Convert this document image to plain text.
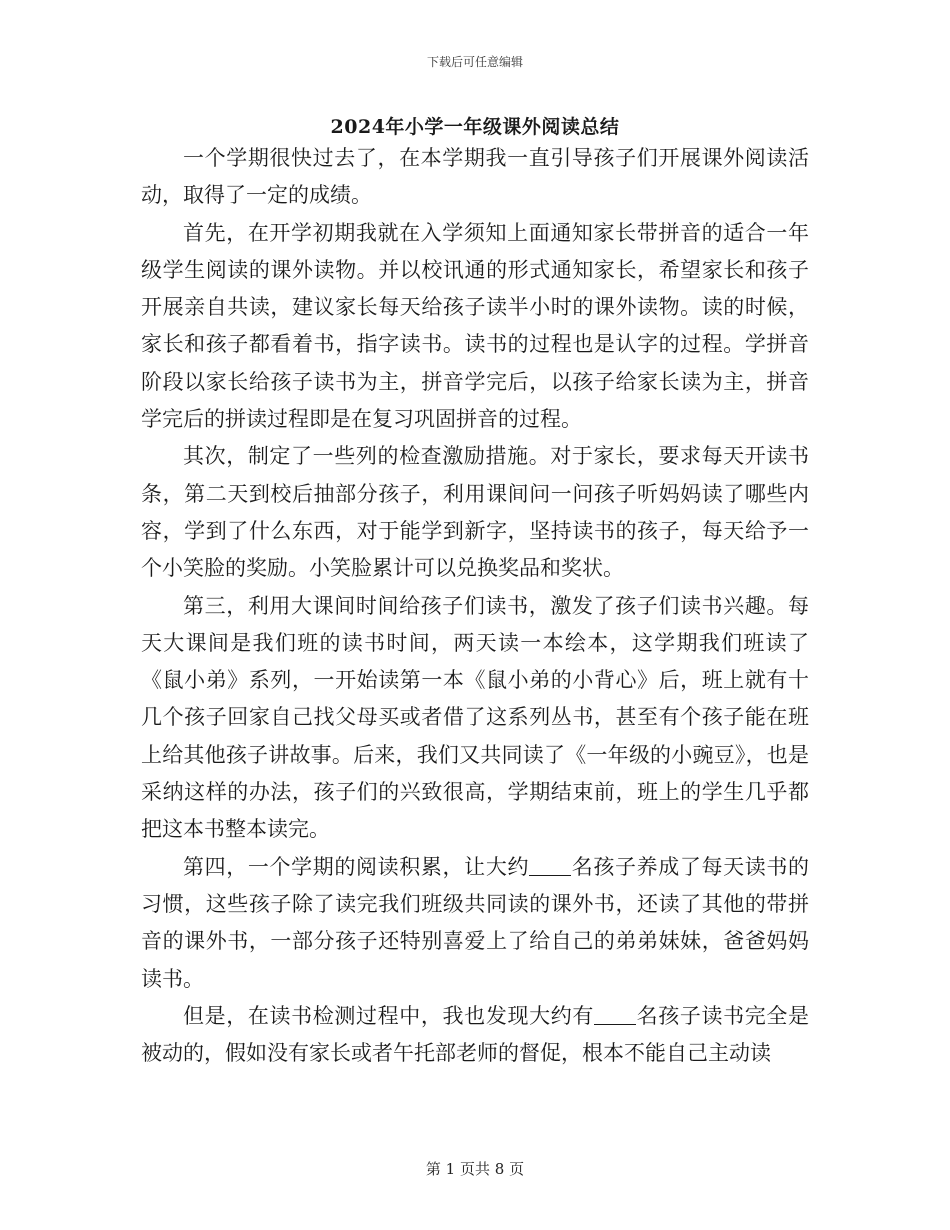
下载后可任意编辑
2024年小学一年级课外阅读总结

一个学期很快过去了，在本学期我一直引导孩子们开展课外阅读活动，取得了一定的成绩。

首先，在开学初期我就在入学须知上面通知家长带拼音的适合一年级学生阅读的课外读物。并以校讯通的形式通知家长，希望家长和孩子开展亲自共读，建议家长每天给孩子读半小时的课外读物。读的时候，家长和孩子都看着书，指字读书。读书的过程也是认字的过程。学拼音阶段以家长给孩子读书为主，拼音学完后，以孩子给家长读为主，拼音学完后的拼读过程即是在复习巩固拼音的过程。

其次，制定了一些列的检查激励措施。对于家长，要求每天开读书条，第二天到校后抽部分孩子，利用课间问一问孩子听妈妈读了哪些内容，学到了什么东西，对于能学到新字，坚持读书的孩子，每天给予一个小笑脸的奖励。小笑脸累计可以兑换奖品和奖状。

第三，利用大课间时间给孩子们读书，激发了孩子们读书兴趣。每天大课间是我们班的读书时间，两天读一本绘本，这学期我们班读了《鼠小弟》系列，一开始读第一本《鼠小弟的小背心》后，班上就有十几个孩子回家自己找父母买或者借了这系列丛书，甚至有个孩子能在班上给其他孩子讲故事。后来，我们又共同读了《一年级的小豌豆》，也是采纳这样的办法，孩子们的兴致很高，学期结束前，班上的学生几乎都把这本书整本读完。

第四，一个学期的阅读积累，让大约 名孩子养成了每天读书的习惯，这些孩子除了读完我们班级共同读的课外书，还读了其他的带拼音的课外书，一部分孩子还特别喜爱上了给自己的弟弟妹妹，爸爸妈妈读书。

但是，在读书检测过程中，我也发现大约有 名孩子读书完全是被动的，假如没有家长或者午托部老师的督促，根本不能自己主动读

第 1 页共 8 页
